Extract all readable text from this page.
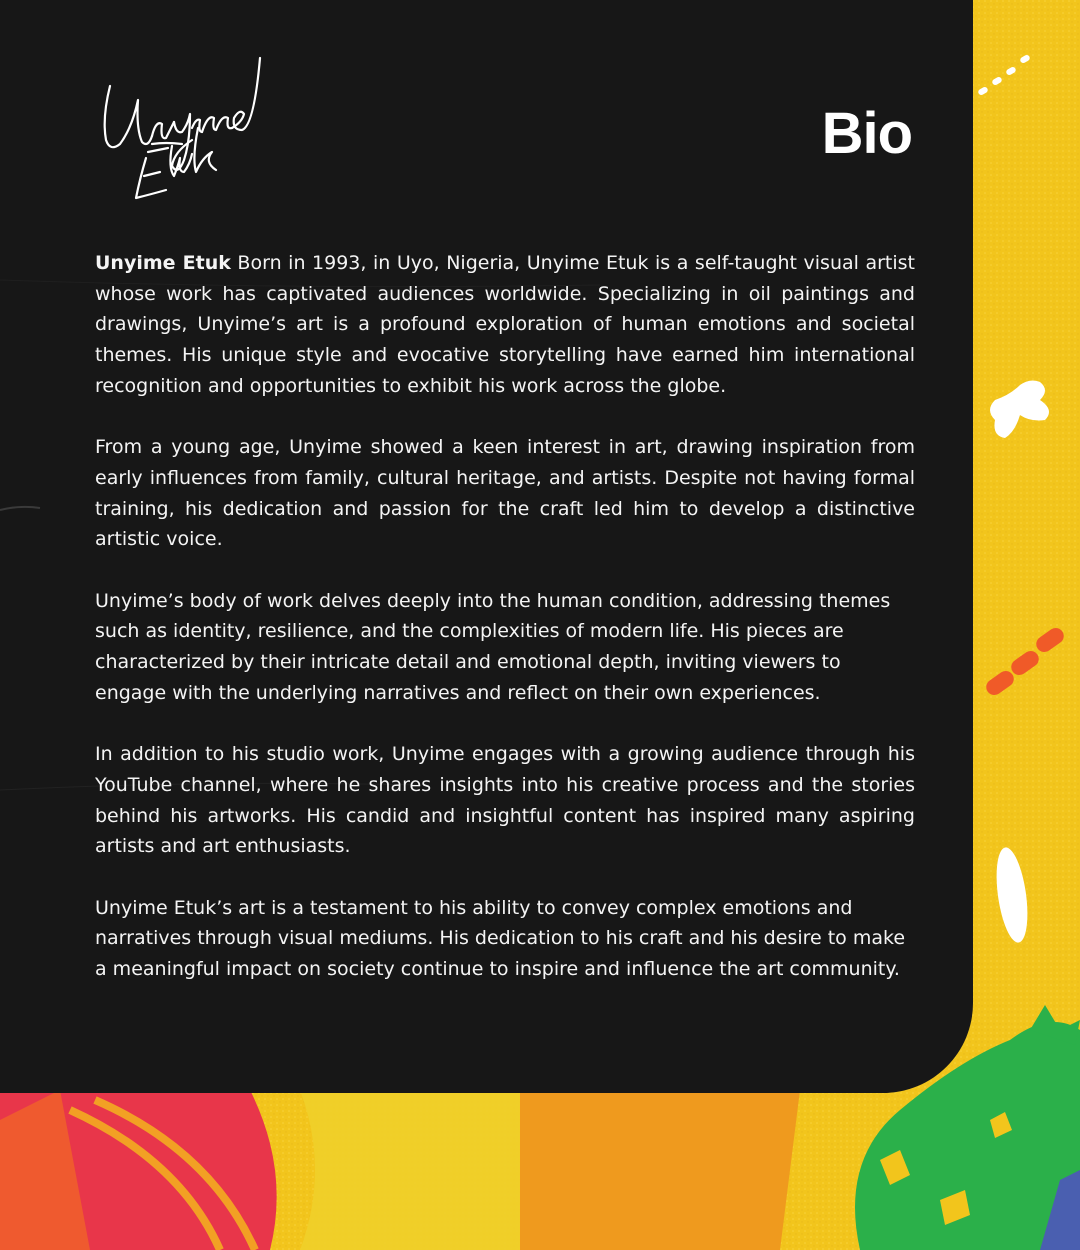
Bio

Unyime Etuk Born in 1993, in Uyo, Nigeria, Unyime Etuk is a self-taught visual artist whose work has captivated audiences worldwide. Specializing in oil paintings and drawings, Unyime’s art is a profound exploration of human emotions and societal themes. His unique style and evocative storytelling have earned him international recognition and opportunities to exhibit his work across the globe.

From a young age, Unyime showed a keen interest in art, drawing inspiration from early influences from family, cultural heritage, and artists. Despite not having formal training, his dedication and passion for the craft led him to develop a distinctive artistic voice.

Unyime’s body of work delves deeply into the human condition, addressing themes such as identity, resilience, and the complexities of modern life. His pieces are characterized by their intricate detail and emotional depth, inviting viewers to engage with the underlying narratives and reflect on their own experiences.

In addition to his studio work, Unyime engages with a growing audience through his YouTube channel, where he shares insights into his creative process and the stories behind his artworks. His candid and insightful content has inspired many aspiring artists and art enthusiasts.

Unyime Etuk’s art is a testament to his ability to convey complex emotions and narratives through visual mediums. His dedication to his craft and his desire to make a meaningful impact on society continue to inspire and influence the art community.
